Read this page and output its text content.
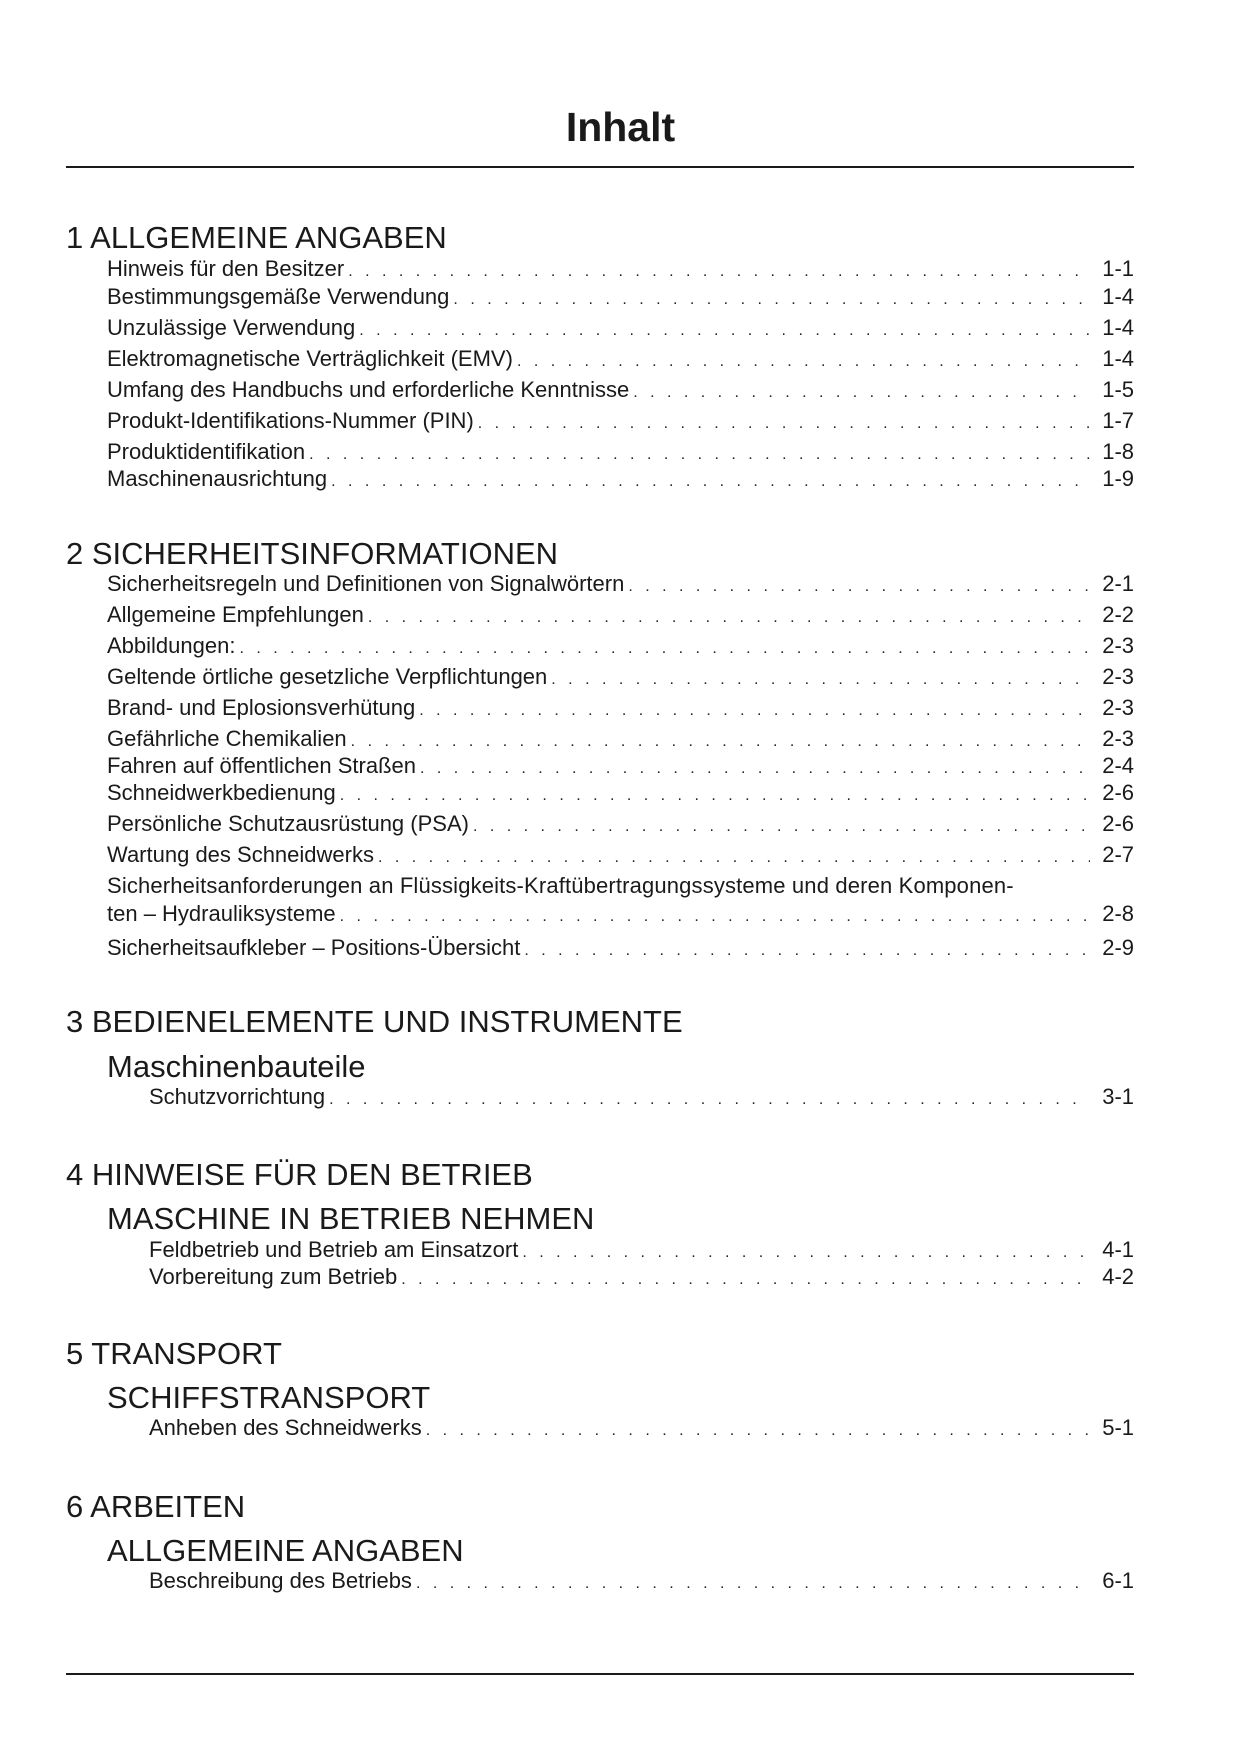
Inhalt
1 ALLGEMEINE ANGABEN
Hinweis für den Besitzer . . .	1-1
Bestimmungsgemäße Verwendung . . .	1-4
Unzulässige Verwendung . . .	1-4
Elektromagnetische Verträglichkeit (EMV) . . .	1-4
Umfang des Handbuchs und erforderliche Kenntnisse . . .	1-5
Produkt-Identifikations-Nummer (PIN) . . .	1-7
Produktidentifikation . . .	1-8
Maschinenausrichtung . . .	1-9
2 SICHERHEITSINFORMATIONEN
Sicherheitsregeln und Definitionen von Signalwörtern . . .	2-1
Allgemeine Empfehlungen . . .	2-2
Abbildungen: . . .	2-3
Geltende örtliche gesetzliche Verpflichtungen . . .	2-3
Brand- und Eplosionsverhütung . . .	2-3
Gefährliche Chemikalien . . .	2-3
Fahren auf öffentlichen Straßen . . .	2-4
Schneidwerkbedienung . . .	2-6
Persönliche Schutzausrüstung (PSA) . . .	2-6
Wartung des Schneidwerks . . .	2-7
Sicherheitsanforderungen an Flüssigkeits-Kraftübertragungssysteme und deren Komponen-
ten – Hydrauliksysteme . . .	2-8
Sicherheitsaufkleber – Positions-Übersicht . . .	2-9
3 BEDIENELEMENTE UND INSTRUMENTE
Maschinenbauteile
Schutzvorrichtung . . .	3-1
4 HINWEISE FÜR DEN BETRIEB
MASCHINE IN BETRIEB NEHMEN
Feldbetrieb und Betrieb am Einsatzort . . .	4-1
Vorbereitung zum Betrieb . . .	4-2
5 TRANSPORT
SCHIFFSTRANSPORT
Anheben des Schneidwerks . . .	5-1
6 ARBEITEN
ALLGEMEINE ANGABEN
Beschreibung des Betriebs . . .	6-1
